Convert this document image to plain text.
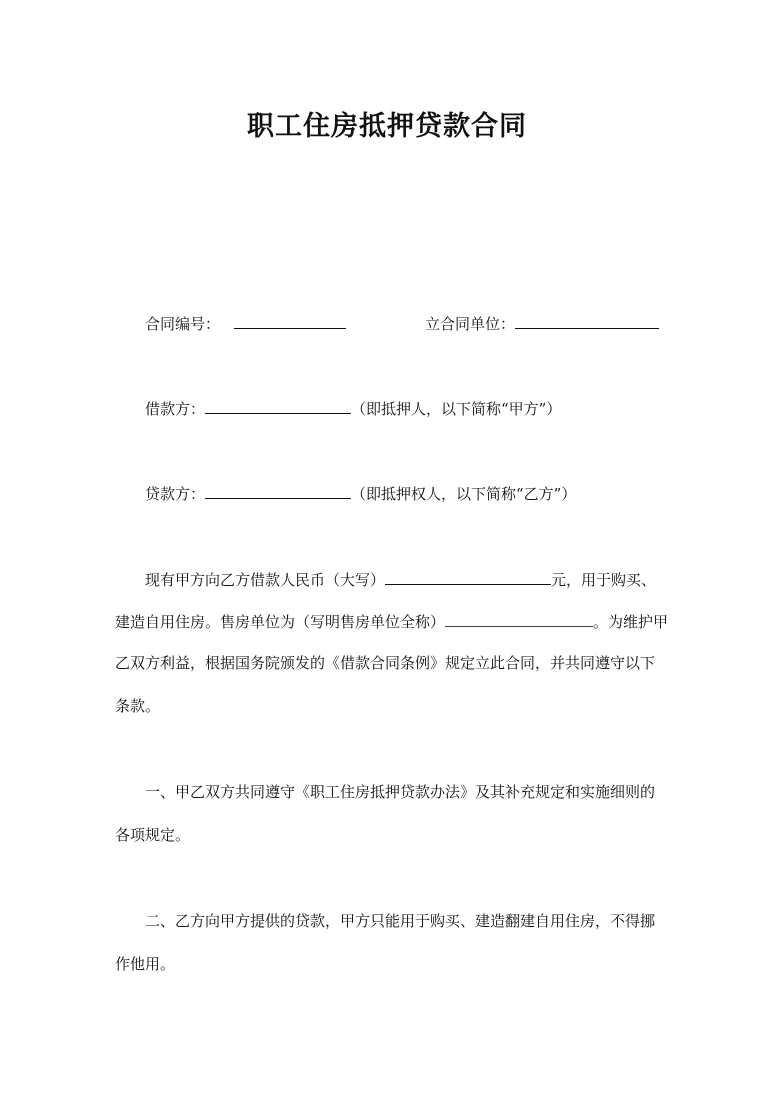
职工住房抵押贷款合同
合同编号：	立合同单位：
借款方：	（即抵押人，以下简称“甲方”）
贷款方：	（即抵押权人，以下简称“乙方”）
现有甲方向乙方借款人民币（大写）	元，用于购买、
建造自用住房。售房单位为（写明售房单位全称）	。为维护甲
乙双方利益，根据国务院颁发的《借款合同条例》规定立此合同，并共同遵守以下
条款。
一、甲乙双方共同遵守《职工住房抵押贷款办法》及其补充规定和实施细则的
各项规定。
二、乙方向甲方提供的贷款，甲方只能用于购买、建造翻建自用住房，不得挪
作他用。
